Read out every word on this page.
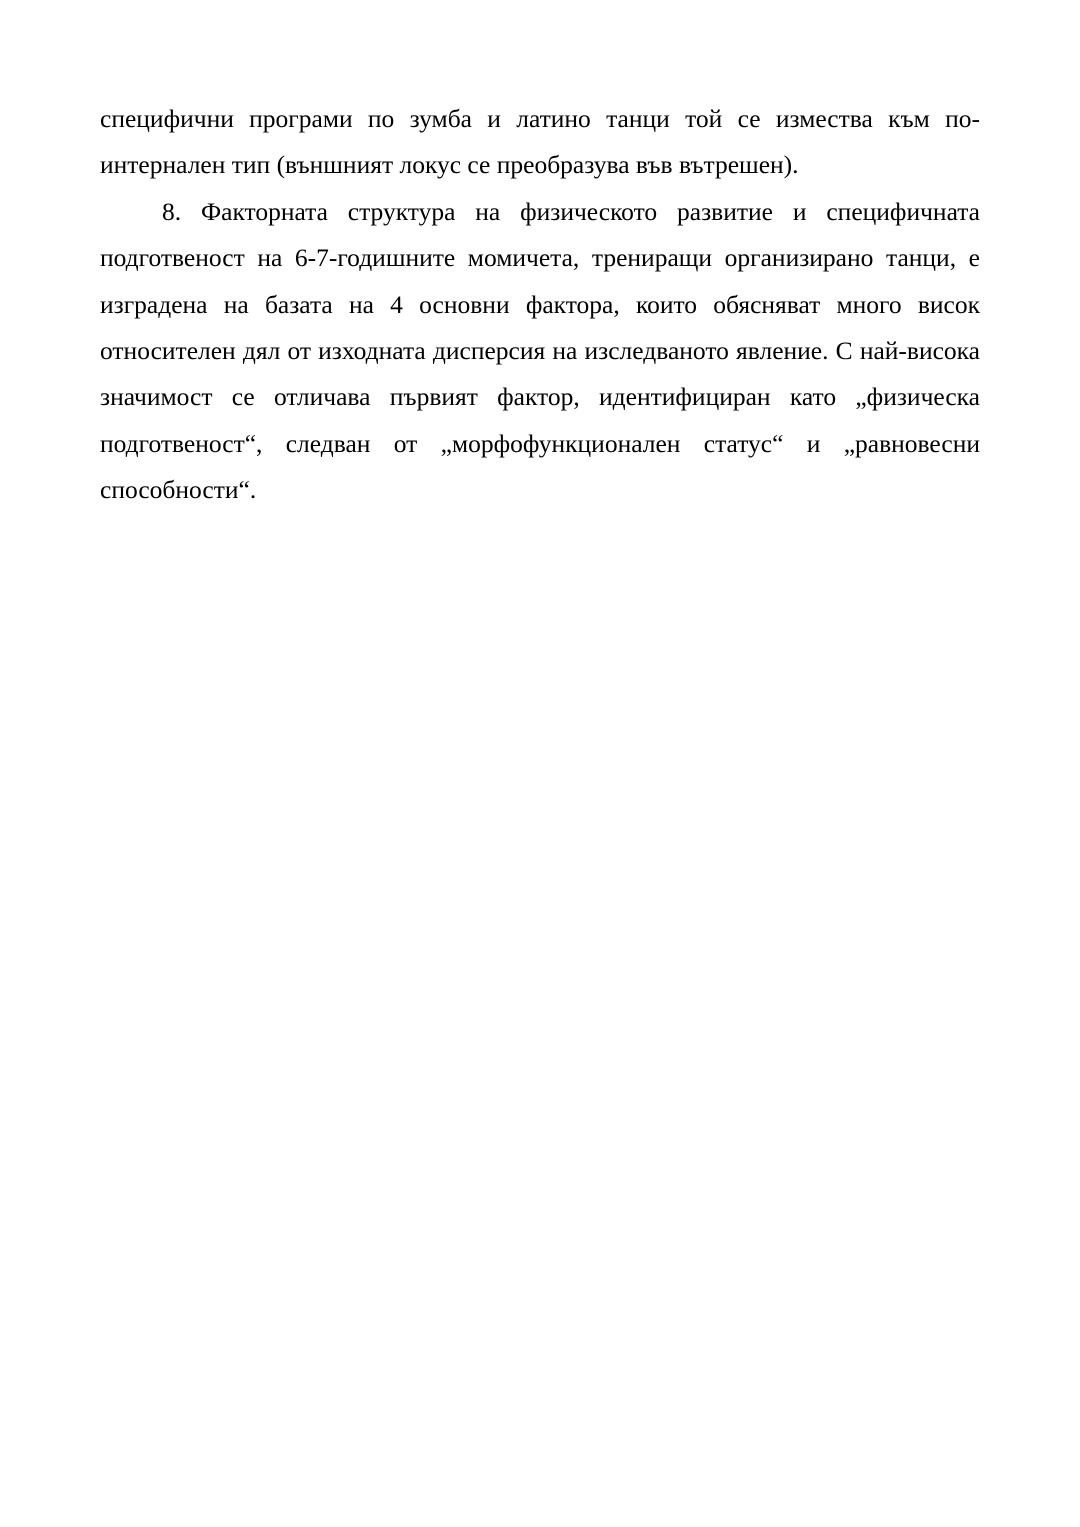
специфични програми по зумба и латино танци той се измества към по-интернален тип (външният локус се преобразува във вътрешен).

8. Факторната структура на физическото развитие и специфичната подготвеност на 6-7-годишните момичета, трениращи организирано танци, е изградена на базата на 4 основни фактора, които обясняват много висок относителен дял от изходната дисперсия на изследваното явление. С най-висока значимост се отличава първият фактор, идентифициран като „физическа подготвеност“, следван от „морфофункционален статус“ и „равновесни способности“.
